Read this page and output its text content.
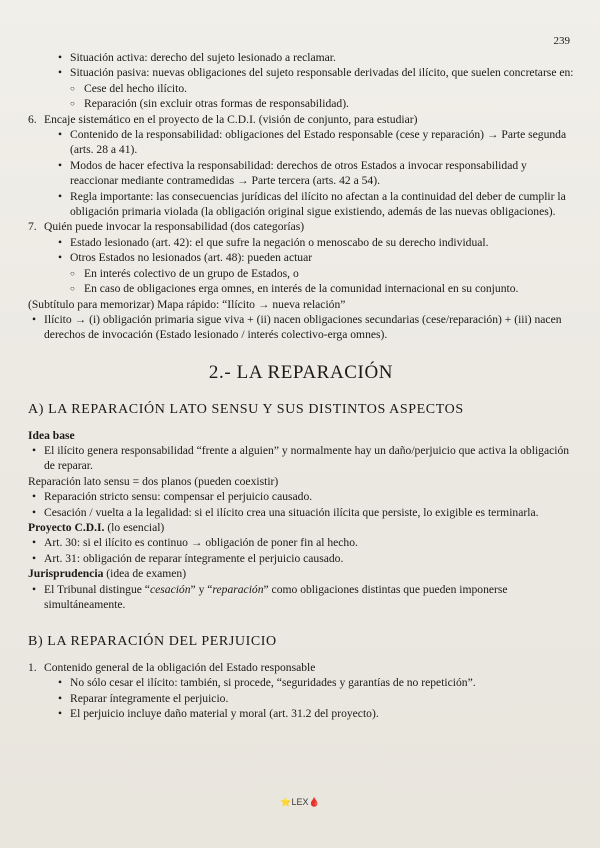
239

• Situación activa: derecho del sujeto lesionado a reclamar.

• Situación pasiva: nuevas obligaciones del sujeto responsable derivadas del ilícito, que suelen concretarse en:

○ Cese del hecho ilícito.

○ Reparación (sin excluir otras formas de responsabilidad).

6. Encaje sistemático en el proyecto de la C.D.I. (visión de conjunto, para estudiar)

• Contenido de la responsabilidad: obligaciones del Estado responsable (cese y reparación) → Parte segunda (arts. 28 a 41).

• Modos de hacer efectiva la responsabilidad: derechos de otros Estados a invocar responsabilidad y reaccionar mediante contramedidas → Parte tercera (arts. 42 a 54).

• Regla importante: las consecuencias jurídicas del ilícito no afectan a la continuidad del deber de cumplir la obligación primaria violada (la obligación original sigue existiendo, además de las nuevas obligaciones).

7. Quién puede invocar la responsabilidad (dos categorías)

• Estado lesionado (art. 42): el que sufre la negación o menoscabo de su derecho individual.

• Otros Estados no lesionados (art. 48): pueden actuar

○ En interés colectivo de un grupo de Estados, o

○ En caso de obligaciones erga omnes, en interés de la comunidad internacional en su conjunto.

(Subtítulo para memorizar) Mapa rápido: “Ilícito → nueva relación”

• Ilícito → (i) obligación primaria sigue viva + (ii) nacen obligaciones secundarias (cese/reparación) + (iii) nacen derechos de invocación (Estado lesionado / interés colectivo-erga omnes).

2.- LA REPARACIÓN
A) LA REPARACIÓN LATO SENSU Y SUS DISTINTOS ASPECTOS

Idea base

• El ilícito genera responsabilidad “frente a alguien” y normalmente hay un daño/perjuicio que activa la obligación de reparar.

Reparación lato sensu = dos planos (pueden coexistir)

• Reparación stricto sensu: compensar el perjuicio causado.

• Cesación / vuelta a la legalidad: si el ilícito crea una situación ilícita que persiste, lo exigible es terminarla.

Proyecto C.D.I. (lo esencial)

• Art. 30: si el ilícito es continuo → obligación de poner fin al hecho.

• Art. 31: obligación de reparar íntegramente el perjuicio causado.

Jurisprudencia (idea de examen)

• El Tribunal distingue “cesación” y “reparación” como obligaciones distintas que pueden imponerse simultáneamente.

B) LA REPARACIÓN DEL PERJUICIO

1. Contenido general de la obligación del Estado responsable

• No sólo cesar el ilícito: también, si procede, “seguridades y garantías de no repetición”.

• Reparar íntegramente el perjuicio.

• El perjuicio incluye daño material y moral (art. 31.2 del proyecto).

⭐LEX🩸
